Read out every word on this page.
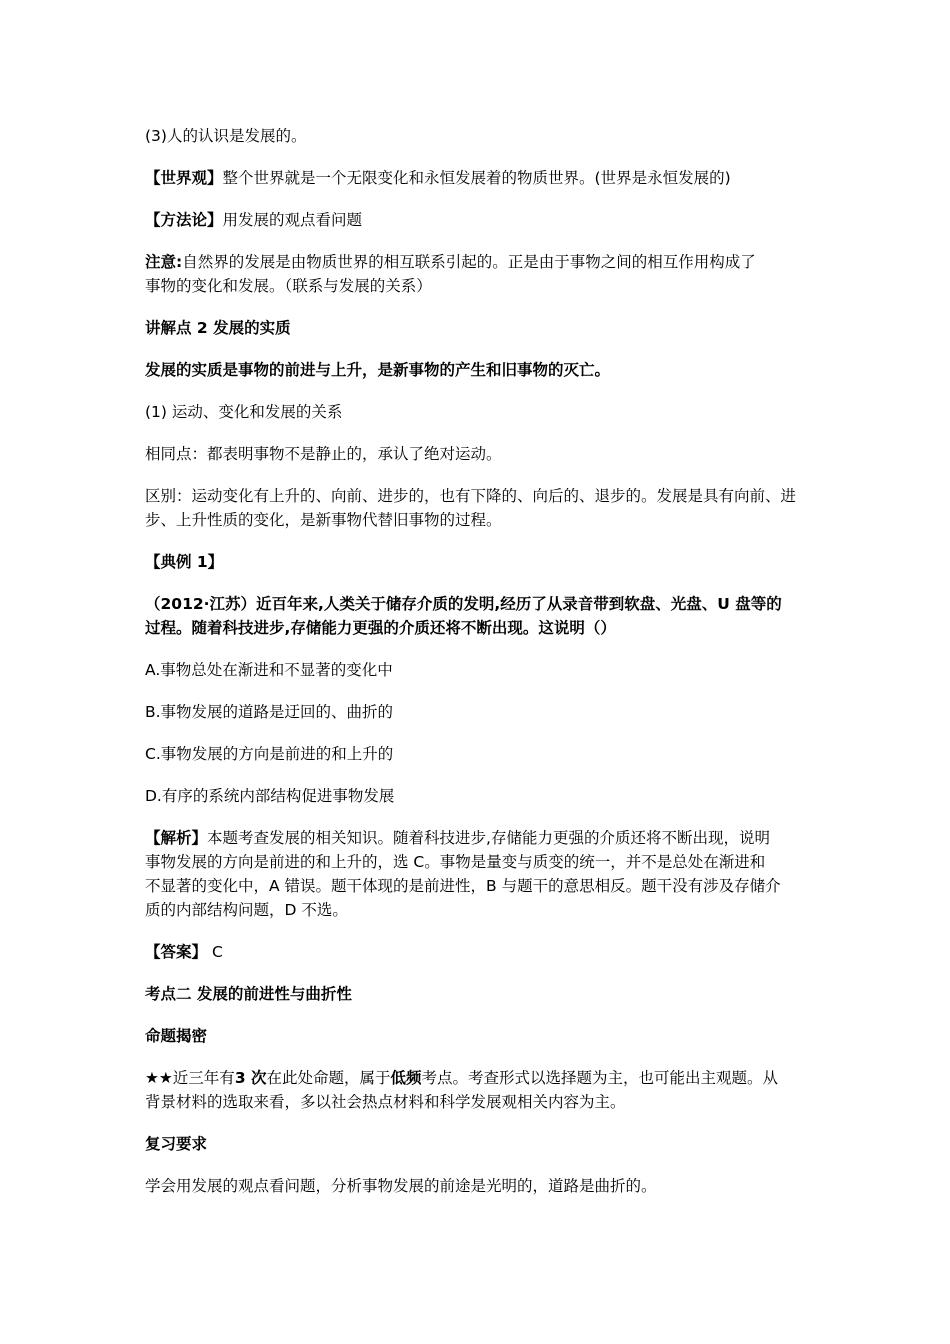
(3)人的认识是发展的。
【世界观】整个世界就是一个无限变化和永恒发展着的物质世界。(世界是永恒发展的)
【方法论】用发展的观点看问题
注意:自然界的发展是由物质世界的相互联系引起的。正是由于事物之间的相互作用构成了
事物的变化和发展。（联系与发展的关系）
讲解点 2 发展的实质
发展的实质是事物的前进与上升，是新事物的产生和旧事物的灭亡。
(1) 运动、变化和发展的关系
相同点：都表明事物不是静止的，承认了绝对运动。
区别：运动变化有上升的、向前、进步的，也有下降的、向后的、退步的。发展是具有向前、进
步、上升性质的变化，是新事物代替旧事物的过程。
【典例 1】
（2012·江苏）近百年来,人类关于储存介质的发明,经历了从录音带到软盘、光盘、U 盘等的
过程。随着科技进步,存储能力更强的介质还将不断出现。这说明（）
A.事物总处在渐进和不显著的变化中
B.事物发展的道路是迂回的、曲折的
C.事物发展的方向是前进的和上升的
D.有序的系统内部结构促进事物发展
【解析】本题考查发展的相关知识。随着科技进步,存储能力更强的介质还将不断出现，说明
事物发展的方向是前进的和上升的，选 C。事物是量变与质变的统一，并不是总处在渐进和
不显著的变化中，A 错误。题干体现的是前进性，B 与题干的意思相反。题干没有涉及存储介
质的内部结构问题，D 不选。
【答案】 C
考点二 发展的前进性与曲折性
命题揭密
★★近三年有3 次在此处命题，属于低频考点。考查形式以选择题为主，也可能出主观题。从
背景材料的选取来看，多以社会热点材料和科学发展观相关内容为主。
复习要求
学会用发展的观点看问题，分析事物发展的前途是光明的，道路是曲折的。
